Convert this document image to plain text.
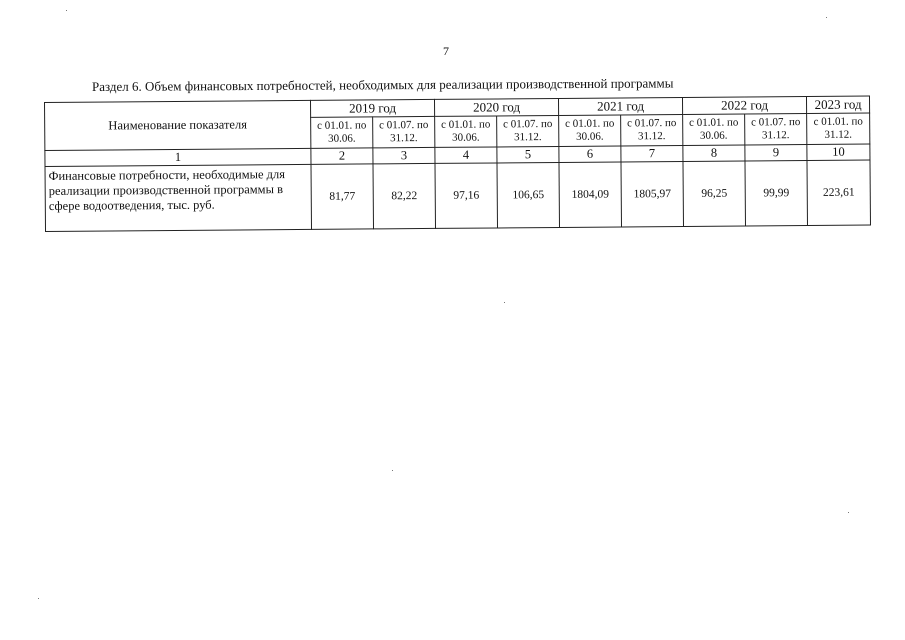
7
Раздел 6. Объем финансовых потребностей, необходимых для реализации производственной программы
Наименование показателя	2019 год		2020 год		2021 год		2022 год		2023 год
	с 01.01. по 30.06.	с 01.07. по 31.12.	с 01.01. по 30.06.	с 01.07. по 31.12.	с 01.01. по 30.06.	с 01.07. по 31.12.	с 01.01. по 30.06.	с 01.07. по 31.12.	с 01.01. по 31.12.
1	2	3	4	5	6	7	8	9	10
Финансовые потребности, необходимые для реализации производственной программы в сфере водоотведения, тыс. руб.	81,77	82,22	97,16	106,65	1804,09	1805,97	96,25	99,99	223,61
